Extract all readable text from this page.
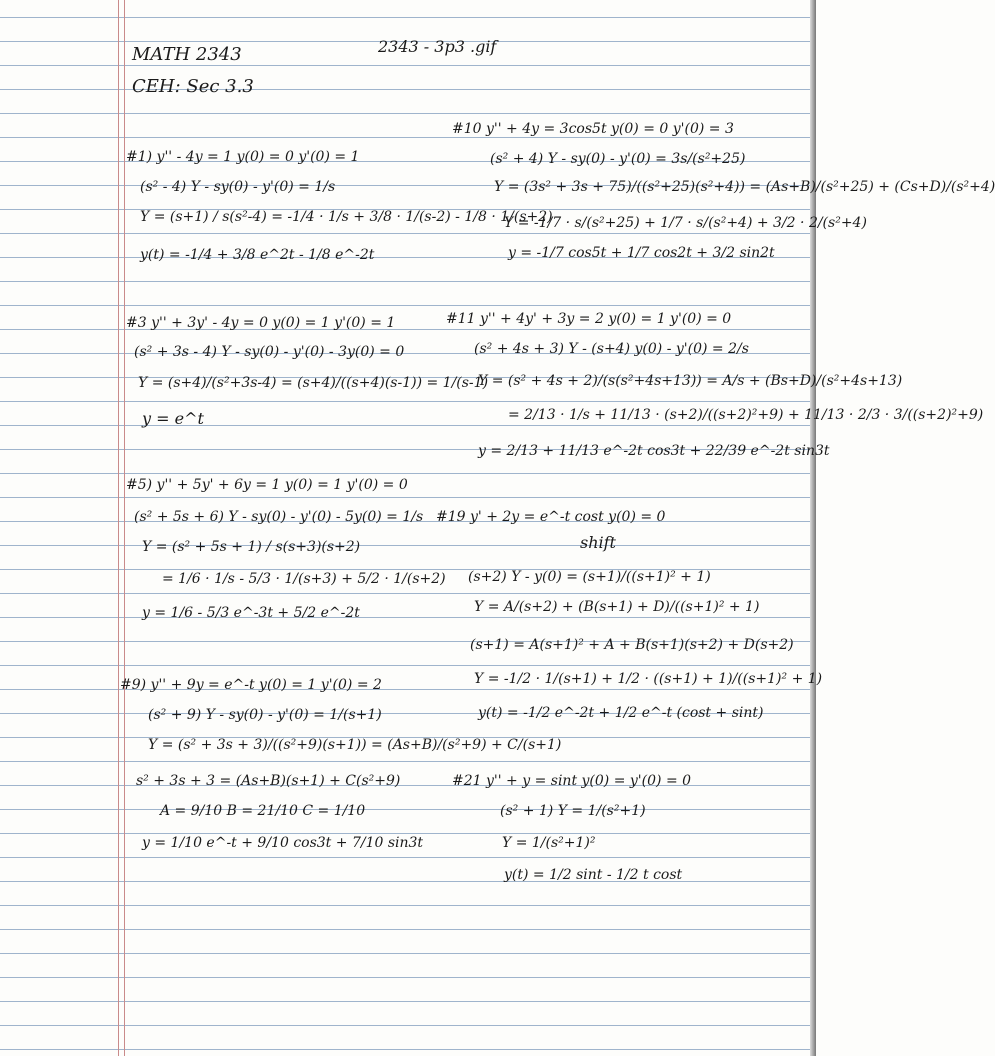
MATH 2343
CEH: Sec 3.3
2343 - 3p3 .gif
#1) y'' - 4y = 1 y(0) = 0 y'(0) = 1
(s² - 4) Y - sy(0) - y'(0) = 1/s
Y = (s+1) / s(s²-4) = -1/4 · 1/s + 3/8 · 1/(s-2) - 1/8 · 1/(s+2)
y(t) = -1/4 + 3/8 e^2t - 1/8 e^-2t
#3 y'' + 3y' - 4y = 0 y(0) = 1 y'(0) = 1
(s² + 3s - 4) Y - sy(0) - y'(0) - 3y(0) = 0
Y = (s+4)/(s²+3s-4) = (s+4)/((s+4)(s-1)) = 1/(s-1)
y = e^t
#5) y'' + 5y' + 6y = 1 y(0) = 1 y'(0) = 0
(s² + 5s + 6) Y - sy(0) - y'(0) - 5y(0) = 1/s
Y = (s² + 5s + 1) / s(s+3)(s+2)
= 1/6 · 1/s - 5/3 · 1/(s+3) + 5/2 · 1/(s+2)
y = 1/6 - 5/3 e^-3t + 5/2 e^-2t
#9) y'' + 9y = e^-t y(0) = 1 y'(0) = 2
(s² + 9) Y - sy(0) - y'(0) = 1/(s+1)
Y = (s² + 3s + 3)/((s²+9)(s+1)) = (As+B)/(s²+9) + C/(s+1)
s² + 3s + 3 = (As+B)(s+1) + C(s²+9)
A = 9/10 B = 21/10 C = 1/10
y = 1/10 e^-t + 9/10 cos3t + 7/10 sin3t
#10 y'' + 4y = 3cos5t y(0) = 0 y'(0) = 3
(s² + 4) Y - sy(0) - y'(0) = 3s/(s²+25)
Y = (3s² + 3s + 75)/((s²+25)(s²+4)) = (As+B)/(s²+25) + (Cs+D)/(s²+4)
Y = -1/7 · s/(s²+25) + 1/7 · s/(s²+4) + 3/2 · 2/(s²+4)
y = -1/7 cos5t + 1/7 cos2t + 3/2 sin2t
#11 y'' + 4y' + 3y = 2 y(0) = 1 y'(0) = 0
(s² + 4s + 3) Y - (s+4) y(0) - y'(0) = 2/s
Y = (s² + 4s + 2)/(s(s²+4s+13)) = A/s + (Bs+D)/(s²+4s+13)
= 2/13 · 1/s + 11/13 · (s+2)/((s+2)²+9) + 11/13 · 2/3 · 3/((s+2)²+9)
y = 2/13 + 11/13 e^-2t cos3t + 22/39 e^-2t sin3t
#19 y' + 2y = e^-t cost y(0) = 0
shift
(s+2) Y - y(0) = (s+1)/((s+1)² + 1)
Y = A/(s+2) + (B(s+1) + D)/((s+1)² + 1)
(s+1) = A(s+1)² + A + B(s+1)(s+2) + D(s+2)
Y = -1/2 · 1/(s+1) + 1/2 · ((s+1) + 1)/((s+1)² + 1)
y(t) = -1/2 e^-2t + 1/2 e^-t (cost + sint)
#21 y'' + y = sint y(0) = y'(0) = 0
(s² + 1) Y = 1/(s²+1)
Y = 1/(s²+1)²
y(t) = 1/2 sint - 1/2 t cost
